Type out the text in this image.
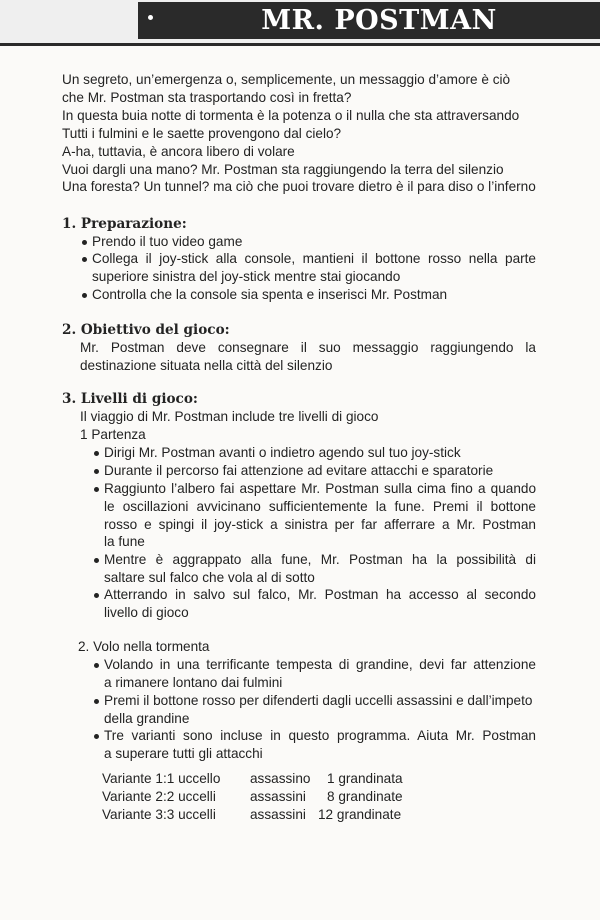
MR. POSTMAN
Un segreto, un’emergenza o, semplicemente, un messaggio d’amore è ciò
che Mr. Postman sta trasportando così in fretta?
In questa buia notte di tormenta è la potenza o il nulla che sta attraversando
Tutti i fulmini e le saette provengono dal cielo?
A-ha, tuttavia, è ancora libero di volare
Vuoi dargli una mano? Mr. Postman sta raggiungendo la terra del silenzio
Una foresta? Un tunnel? ma ciò che puoi trovare dietro è il para diso o l’inferno
1. Preparazione:
Prendo il tuo video game
Collega il joy-stick alla console, mantieni il bottone rosso nella parte
superiore sinistra del joy-stick mentre stai giocando
Controlla che la console sia spenta e inserisci Mr. Postman
2. Obiettivo del gioco:
Mr. Postman deve consegnare il suo messaggio raggiungendo la
destinazione situata nella città del silenzio
3. Livelli di gioco:
Il viaggio di Mr. Postman include tre livelli di gioco
1 Partenza
Dirigi Mr. Postman avanti o indietro agendo sul tuo joy-stick
Durante il percorso fai attenzione ad evitare attacchi e sparatorie
Raggiunto l’albero fai aspettare Mr. Postman sulla cima fino a quando
le oscillazioni avvicinano sufficientemente la fune. Premi il bottone
rosso e spingi il joy-stick a sinistra per far afferrare a Mr. Postman
la fune
Mentre è aggrappato alla fune, Mr. Postman ha la possibilità di
saltare sul falco che vola al di sotto
Atterrando in salvo sul falco, Mr. Postman ha accesso al secondo
livello di gioco
2. Volo nella tormenta
Volando in una terrificante tempesta di grandine, devi far attenzione
a rimanere lontano dai fulmini
Premi il bottone rosso per difenderti dagli uccelli assassini e dall’impeto
della grandine
Tre varianti sono incluse in questo programma. Aiuta Mr. Postman
a superare tutti gli attacchi
Variante 1:1 uccello assassino 1 grandinata
Variante 2:2 uccelli	assassini 8 grandinate
Variante 3:3 uccelli	assassini 12 grandinate
